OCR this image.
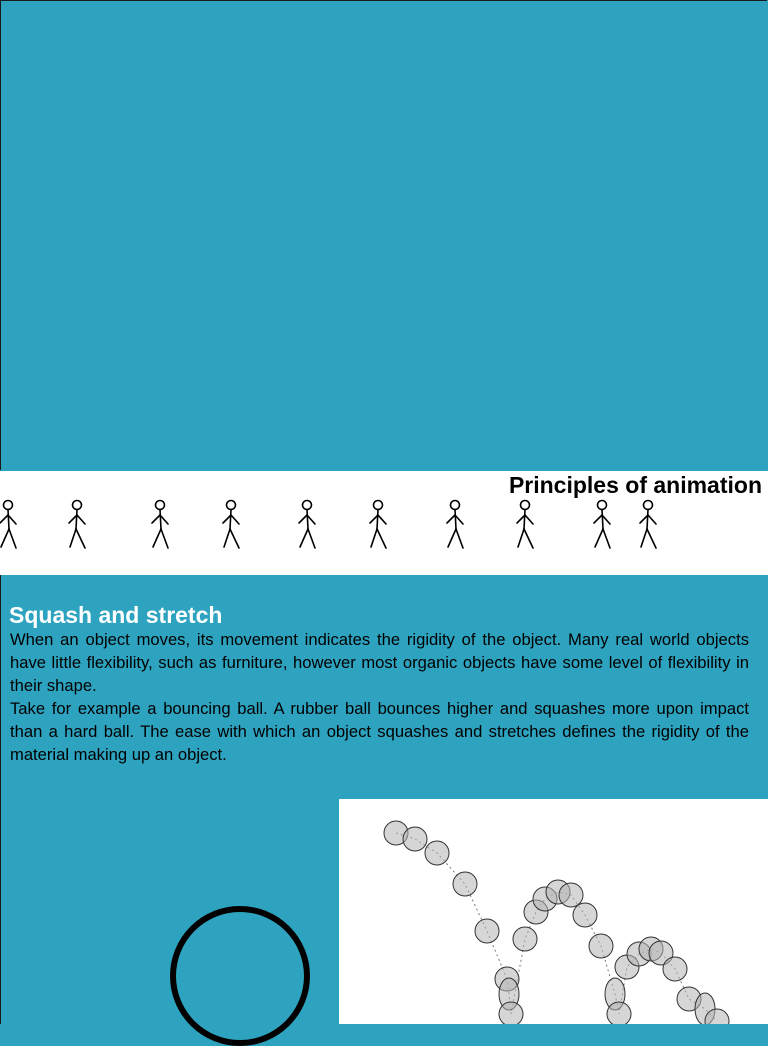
Principles of animation
Squash and stretch

When an object moves, its movement indicates the rigidity of the object. Many real world objects have little flexibility, such as furniture, however most organic objects have some level of flexibility in their shape.

Take for example a bouncing ball. A rubber ball bounces higher and squashes more upon impact than a hard ball. The ease with which an object squashes and stretches defines the rigidity of the material making up an object.
